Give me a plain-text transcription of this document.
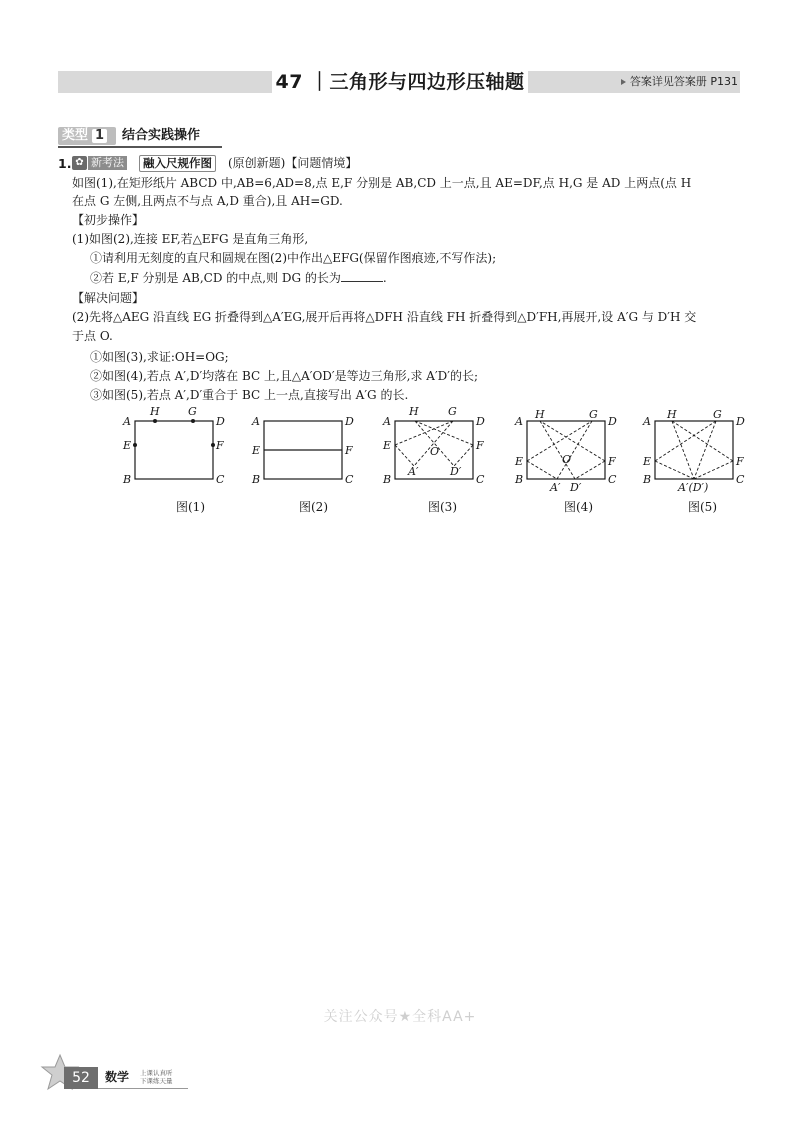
47 ｜三角形与四边形压轴题	答案详见答案册 P131
类型 1 结合实践操作
1. ✿ 新考法	融入尺规作图	(原创新题)【问题情境】
如图(1),在矩形纸片 ABCD 中,AB=6,AD=8,点 E,F 分别是 AB,CD 上一点,且 AE=DF,点 H,G 是 AD 上两点(点 H
在点 G 左侧,且两点不与点 A,D 重合),且 AH=GD.
【初步操作】
(1)如图(2),连接 EF,若△EFG 是直角三角形,
①请利用无刻度的直尺和圆规在图(2)中作出△EFG(保留作图痕迹,不写作法);
②若 E,F 分别是 AB,CD 的中点,则 DG 的长为	.
【解决问题】
(2)先将△AEG 沿直线 EG 折叠得到△A′EG,展开后再将△DFH 沿直线 FH 折叠得到△D′FH,再展开,设 A′G 与 D′H 交
于点 O.
①如图(3),求证:OH=OG;
②如图(4),若点 A′,D′均落在 BC 上,且△A′OD′是等边三角形,求 A′D′的长;
③如图(5),若点 A′,D′重合于 BC 上一点,直接写出 A′G 的长.
A
H	G
D
E	F
B	C
图(1)
A	D
E	F
B	C
图(2)
A
H	G
D
E	F
O
A′	D′
B	C
图(3)
A
H	G
D
E	F
O
A′ D′
B	C
图(4)
A
H	G
D
E	F
A′(D′)
B	C
图(5)
关注公众号★全科AA+
52	数学 上课认真听
下课练天量
